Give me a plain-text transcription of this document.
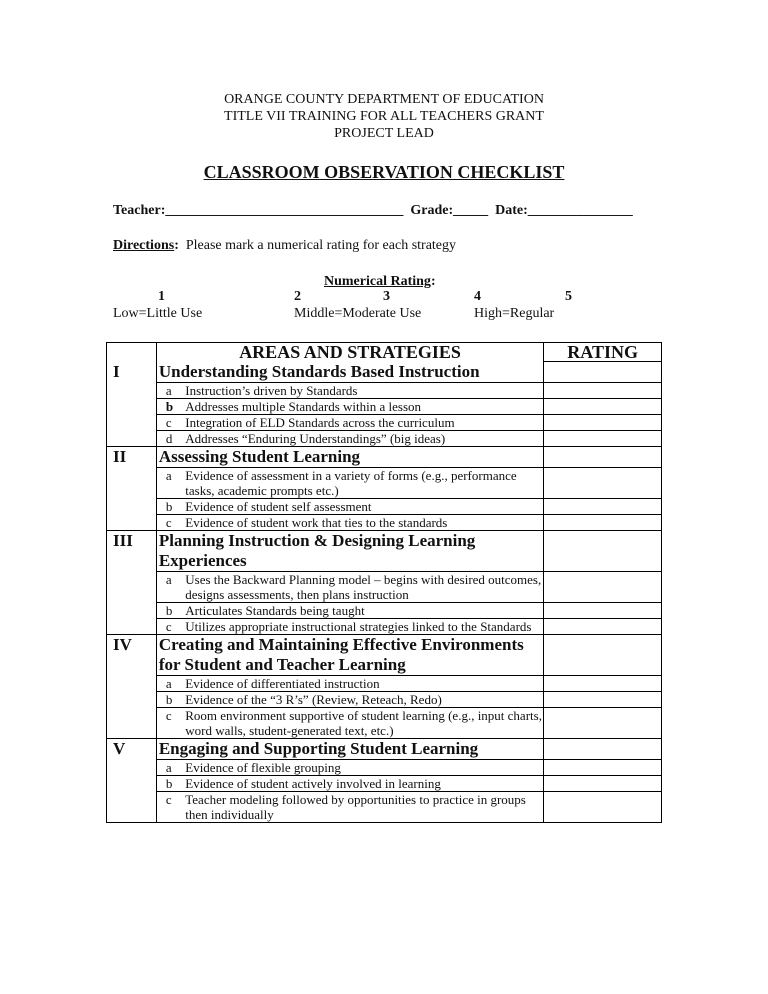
ORANGE COUNTY DEPARTMENT OF EDUCATION
TITLE VII TRAINING FOR ALL TEACHERS GRANT
PROJECT LEAD
CLASSROOM OBSERVATION CHECKLIST
Teacher:__________________________________ Grade:_____ Date:_______________
Directions: Please mark a numerical rating for each strategy
Numerical Rating:
1	2	3	4	5
Low=Little Use	Middle=Moderate Use	High=Regular
	AREAS AND STRATEGIES		RATING
I	Understanding Standards Based Instruction		
	a	Instruction’s driven by Standards	
	b	Addresses multiple Standards within a lesson	
	c	Integration of ELD Standards across the curriculum	
	d	Addresses “Enduring Understandings” (big ideas)	
II	Assessing Student Learning		
	a	Evidence of assessment in a variety of forms (e.g., performance tasks, academic prompts etc.)	
	b	Evidence of student self assessment	
	c	Evidence of student work that ties to the standards	
III	Planning Instruction & Designing Learning Experiences		
	a	Uses the Backward Planning model – begins with desired outcomes, designs assessments, then plans instruction	
	b	Articulates Standards being taught	
	c	Utilizes appropriate instructional strategies linked to the Standards	
IV	Creating and Maintaining Effective Environments for Student and Teacher Learning		
	a	Evidence of differentiated instruction	
	b	Evidence of the “3 R’s” (Review, Reteach, Redo)	
	c	Room environment supportive of student learning (e.g., input charts, word walls, student-generated text, etc.)	
V	Engaging and Supporting Student Learning		
	a	Evidence of flexible grouping	
	b	Evidence of student actively involved in learning	
	c	Teacher modeling followed by opportunities to practice in groups then individually	
